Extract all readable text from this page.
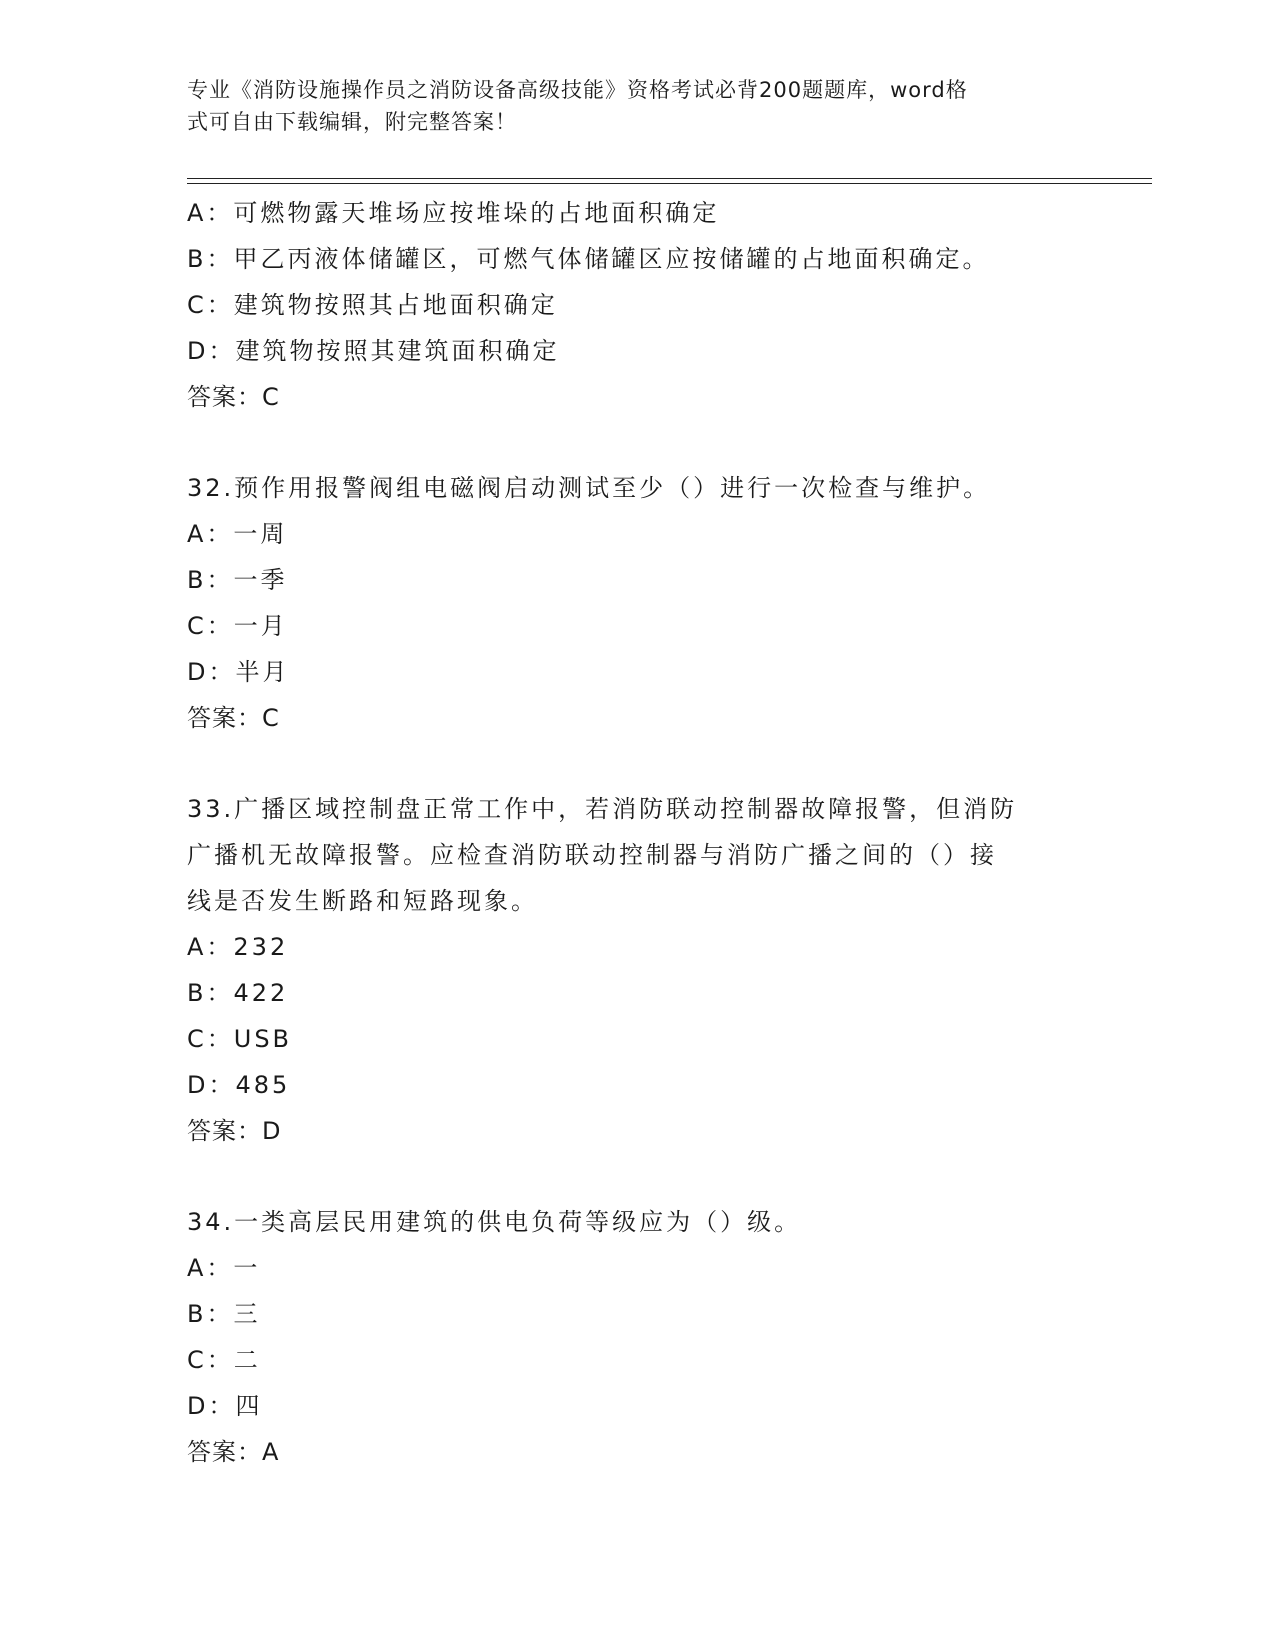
专业《消防设施操作员之消防设备高级技能》资格考试必背200题题库，word格
式可自由下载编辑，附完整答案！
A：可燃物露天堆场应按堆垛的占地面积确定
B：甲乙丙液体储罐区，可燃气体储罐区应按储罐的占地面积确定。
C：建筑物按照其占地面积确定
D：建筑物按照其建筑面积确定
答案：C
32.预作用报警阀组电磁阀启动测试至少（）进行一次检查与维护。
A：一周
B：一季
C：一月
D：半月
答案：C
33.广播区域控制盘正常工作中，若消防联动控制器故障报警，但消防
广播机无故障报警。应检查消防联动控制器与消防广播之间的（）接
线是否发生断路和短路现象。
A：232
B：422
C：USB
D：485
答案：D
34.一类高层民用建筑的供电负荷等级应为（）级。
A：一
B：三
C：二
D：四
答案：A
